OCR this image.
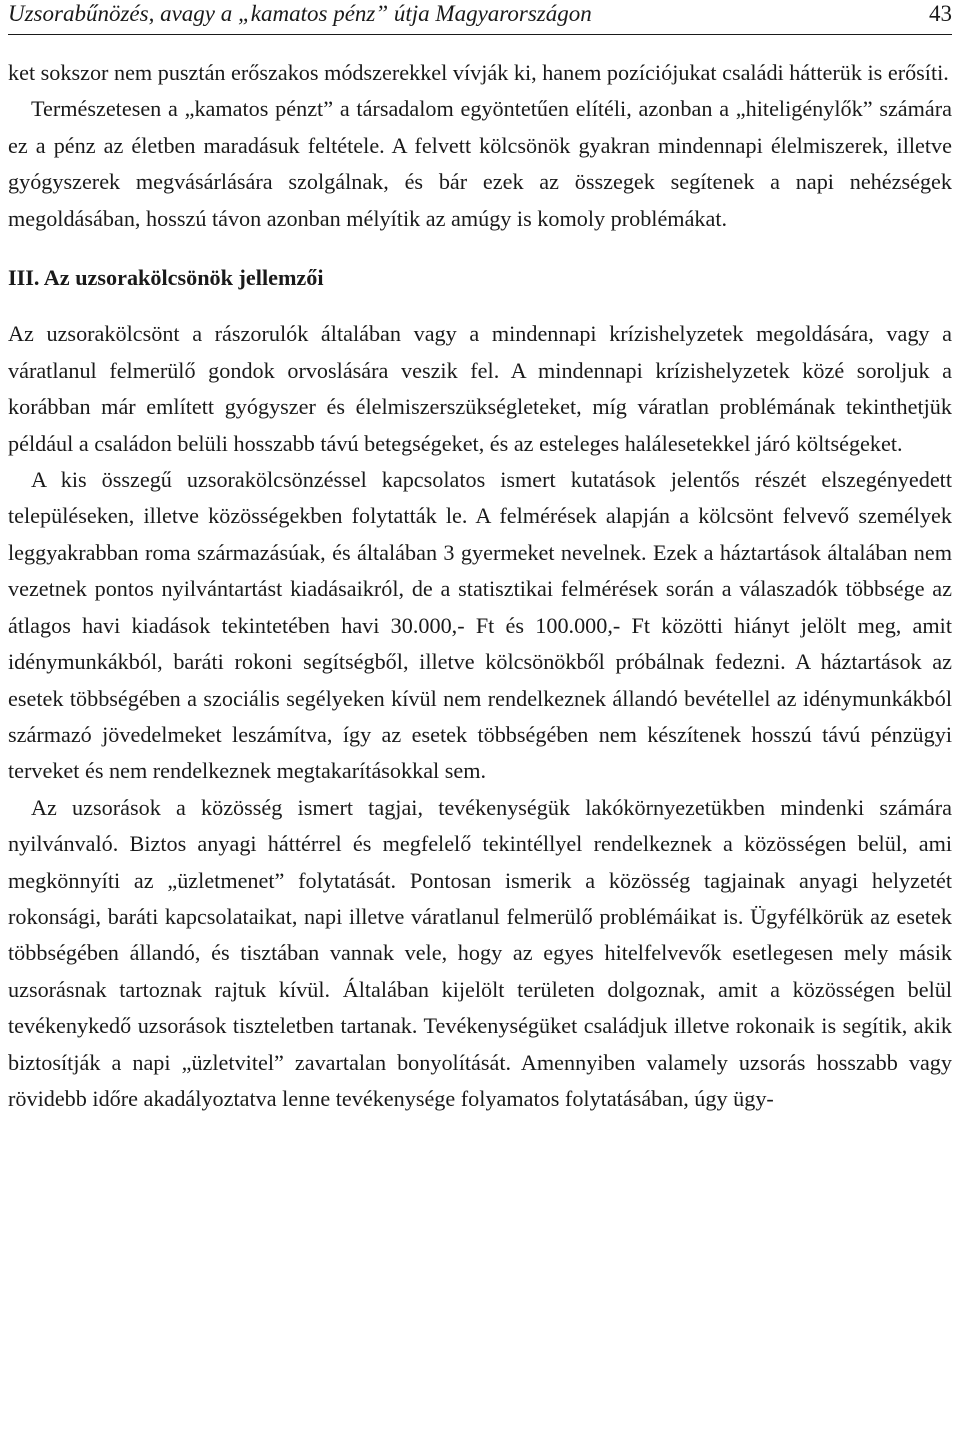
Uzsorabűnözés, avagy a „kamatos pénz” útja Magyarországon	43

ket sokszor nem pusztán erőszakos módszerekkel vívják ki, hanem pozíciójukat családi hátterük is erősíti.

Természetesen a „kamatos pénzt” a társadalom egyöntetűen elítéli, azonban a „hiteligénylők” számára ez a pénz az életben maradásuk feltétele. A felvett kölcsönök gyakran mindennapi élelmiszerek, illetve gyógyszerek megvásárlására szolgálnak, és bár ezek az összegek segítenek a napi nehézségek megoldásában, hosszú távon azonban mélyítik az amúgy is komoly problémákat.

III. Az uzsorakölcsönök jellemzői

Az uzsorakölcsönt a rászorulók általában vagy a mindennapi krízishelyzetek megoldására, vagy a váratlanul felmerülő gondok orvoslására veszik fel. A mindennapi krízishelyzetek közé soroljuk a korábban már említett gyógyszer és élelmiszerszükségleteket, míg váratlan problémának tekinthetjük például a családon belüli hosszabb távú betegségeket, és az esteleges halálesetekkel járó költségeket.

A kis összegű uzsorakölcsönzéssel kapcsolatos ismert kutatások jelentős részét elszegényedett településeken, illetve közösségekben folytatták le. A felmérések alapján a kölcsönt felvevő személyek leggyakrabban roma származásúak, és általában 3 gyermeket nevelnek. Ezek a háztartások általában nem vezetnek pontos nyilvántartást kiadásaikról, de a statisztikai felmérések során a válaszadók többsége az átlagos havi kiadások tekintetében havi 30.000,- Ft és 100.000,- Ft közötti hiányt jelölt meg, amit idénymunkákból, baráti rokoni segítségből, illetve kölcsönökből próbálnak fedezni. A háztartások az esetek többségében a szociális segélyeken kívül nem rendelkeznek állandó bevétellel az idénymunkákból származó jövedelmeket leszámítva, így az esetek többségében nem készítenek hosszú távú pénzügyi terveket és nem rendelkeznek megtakarításokkal sem.

Az uzsorások a közösség ismert tagjai, tevékenységük lakókörnyezetükben mindenki számára nyilvánvaló. Biztos anyagi háttérrel és megfelelő tekintéllyel rendelkeznek a közösségen belül, ami megkönnyíti az „üzletmenet” folytatását. Pontosan ismerik a közösség tagjainak anyagi helyzetét rokonsági, baráti kapcsolataikat, napi illetve váratlanul felmerülő problémáikat is. Ügyfélkörük az esetek többségében állandó, és tisztában vannak vele, hogy az egyes hitelfelvevők esetlegesen mely másik uzsorásnak tartoznak rajtuk kívül. Általában kijelölt területen dolgoznak, amit a közösségen belül tevékenykedő uzsorások tiszteletben tartanak. Tevékenységüket családjuk illetve rokonaik is segítik, akik biztosítják a napi „üzletvitel” zavartalan bonyolítását. Amennyiben valamely uzsorás hosszabb vagy rövidebb időre akadályoztatva lenne tevékenysége folyamatos folytatásában, úgy ügy-
